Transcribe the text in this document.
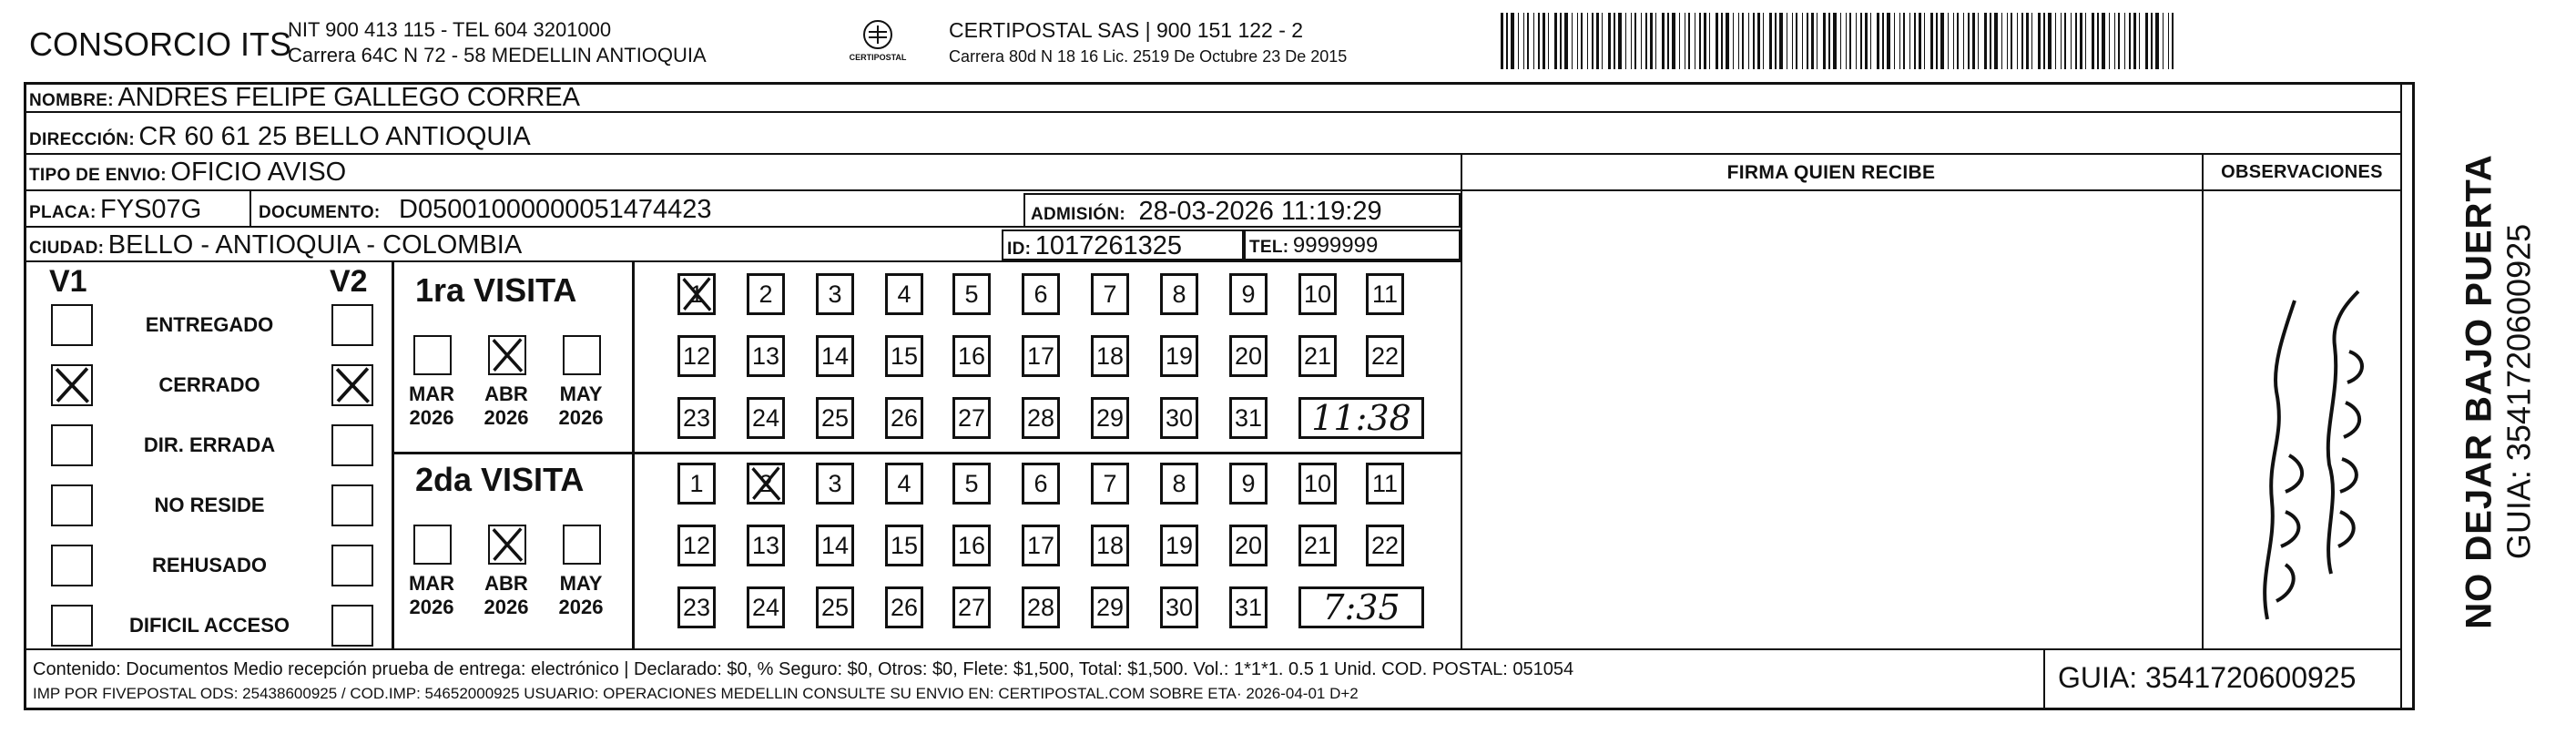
CONSORCIO ITS
NIT 900 413 115 - TEL 604 3201000
Carrera 64C N 72 - 58 MEDELLIN ANTIOQUIA	CERTIPOSTAL
CERTIPOSTAL SAS | 900 151 122 - 2
Carrera 80d N 18 16 Lic. 2519 De Octubre 23 De 2015
NOMBRE: ANDRES FELIPE GALLEGO CORREA
DIRECCIÓN: CR 60 61 25 BELLO ANTIOQUIA
TIPO DE ENVIO: OFICIO AVISO
PLACA: FYS07G	DOCUMENTO: D05001000000051474423	ADMISIÓN: 28-03-2026 11:19:29
CIUDAD: BELLO - ANTIOQUIA - COLOMBIA	ID: 1017261325	TEL: 9999999
FIRMA QUIEN RECIBE	OBSERVACIONES
V1	V2
ENTREGADO
CERRADO
DIR. ERRADA
NO RESIDE
REHUSADO
DIFICIL ACCESO
1ra VISITA
MAR
2026
ABR
2026
MAY
2026
1	2	3	4	5	6	7	8	9	10 11
12 13 14 15 16 17 18 19 20 21 22
23 24 25 26 27 28 29 30 31	11:38
2da VISITA
MAR
2026
ABR
2026
MAY
2026
1	2	3	4	5	6	7	8	9	10 11
12 13 14 15 16 17 18 19 20 21 22
23 24 25 26 27 28 29 30 31	7:35
Contenido: Documentos Medio recepción prueba de entrega: electrónico | Declarado: $0, % Seguro: $0, Otros: $0, Flete: $1,500, Total: $1,500. Vol.: 1*1*1. 0.5 1 Unid. COD. POSTAL: 051054
IMP POR FIVEPOSTAL ODS: 25438600925 / COD.IMP: 54652000925 USUARIO: OPERACIONES MEDELLIN CONSULTE SU ENVIO EN: CERTIPOSTAL.COM SOBRE ETA· 2026-04-01 D+2	GUIA: 3541720600925
NO DEJAR BAJO PUERTA GUIA: 3541720600925
